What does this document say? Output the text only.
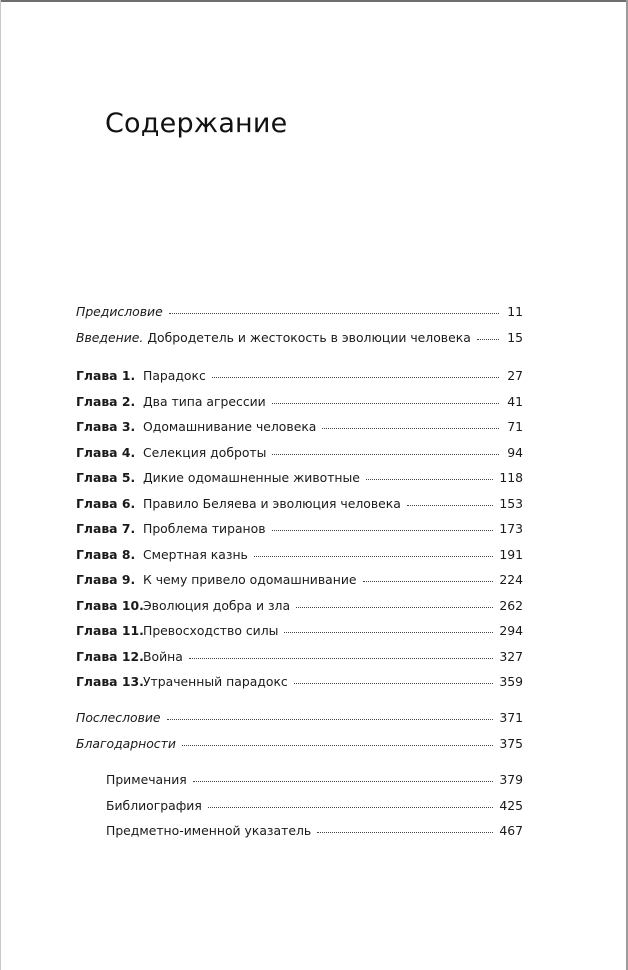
Содержание
Предисловие	11
Введение. Добродетель и жестокость в эволюции человека	15
Глава 1. Парадокс	27
Глава 2. Два типа агрессии	41
Глава 3. Одомашнивание человека	71
Глава 4. Селекция доброты	94
Глава 5. Дикие одомашненные животные	118
Глава 6. Правило Беляева и эволюция человека	153
Глава 7. Проблема тиранов	173
Глава 8. Смертная казнь	191
Глава 9. К чему привело одомашнивание	224
Глава 10. Эволюция добра и зла	262
Глава 11. Превосходство силы	294
Глава 12. Война	327
Глава 13. Утраченный парадокс	359
Послесловие	371
Благодарности	375
Примечания	379
Библиография	425
Предметно-именной указатель	467
